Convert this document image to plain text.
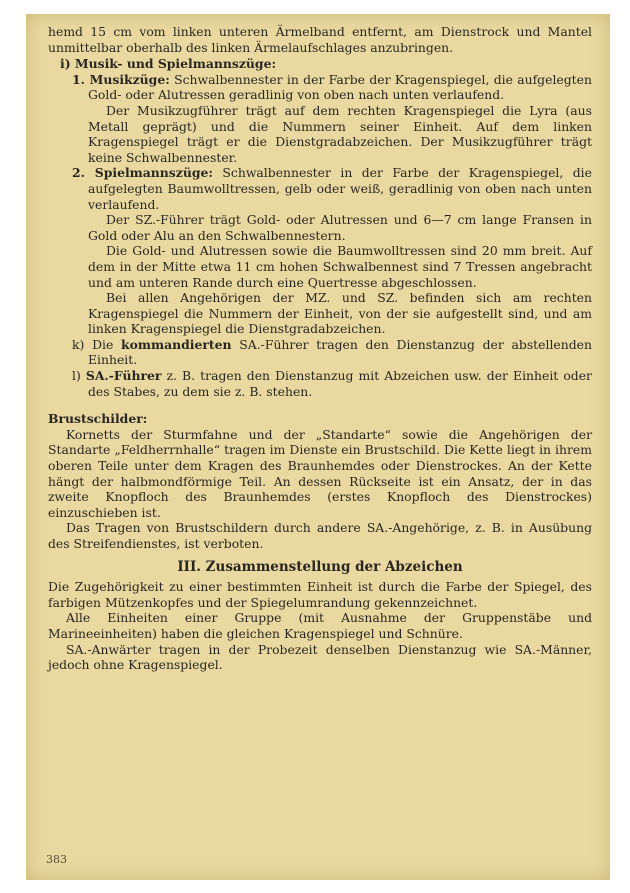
hemd 15 cm vom linken unteren Ärmelband entfernt, am Dienstrock und Mantel unmittelbar oberhalb des linken Ärmelaufschlages anzubringen.

i) Musik- und Spielmannszüge:

1. Musikzüge: Schwalbennester in der Farbe der Kragenspiegel, die aufgelegten Gold- oder Alutressen geradlinig von oben nach unten verlaufend.

Der Musikzugführer trägt auf dem rechten Kragenspiegel die Lyra (aus Metall geprägt) und die Nummern seiner Einheit. Auf dem linken Kragenspiegel trägt er die Dienstgradabzeichen. Der Musikzugführer trägt keine Schwalbennester.

2. Spielmannszüge: Schwalbennester in der Farbe der Kragenspiegel, die aufgelegten Baumwolltressen, gelb oder weiß, geradlinig von oben nach unten verlaufend.

Der SZ.-Führer trägt Gold- oder Alutressen und 6—7 cm lange Fransen in Gold oder Alu an den Schwalbennestern.

Die Gold- und Alutressen sowie die Baumwolltressen sind 20 mm breit. Auf dem in der Mitte etwa 11 cm hohen Schwalbennest sind 7 Tressen angebracht und am unteren Rande durch eine Quertresse abgeschlossen.

Bei allen Angehörigen der MZ. und SZ. befinden sich am rechten Kragenspiegel die Nummern der Einheit, von der sie aufgestellt sind, und am linken Kragenspiegel die Dienstgradabzeichen.

k) Die kommandierten SA.-Führer tragen den Dienstanzug der abstellenden Einheit.

l) SA.-Führer z. B. tragen den Dienstanzug mit Abzeichen usw. der Einheit oder des Stabes, zu dem sie z. B. stehen.

Brustschilder:

Kornetts der Sturmfahne und der „Standarte“ sowie die Angehörigen der Standarte „Feldherrnhalle“ tragen im Dienste ein Brustschild. Die Kette liegt in ihrem oberen Teile unter dem Kragen des Braunhemdes oder Dienstrockes. An der Kette hängt der halbmondförmige Teil. An dessen Rückseite ist ein Ansatz, der in das zweite Knopfloch des Braunhemdes (erstes Knopfloch des Dienstrockes) einzuschieben ist.

Das Tragen von Brustschildern durch andere SA.-Angehörige, z. B. in Ausübung des Streifendienstes, ist verboten.

III. Zusammenstellung der Abzeichen

Die Zugehörigkeit zu einer bestimmten Einheit ist durch die Farbe der Spiegel, des farbigen Mützenkopfes und der Spiegelumrandung gekennzeichnet.

Alle Einheiten einer Gruppe (mit Ausnahme der Gruppenstäbe und Marineeinheiten) haben die gleichen Kragenspiegel und Schnüre.

SA.-Anwärter tragen in der Probezeit denselben Dienstanzug wie SA.-Männer, jedoch ohne Kragenspiegel.

383
